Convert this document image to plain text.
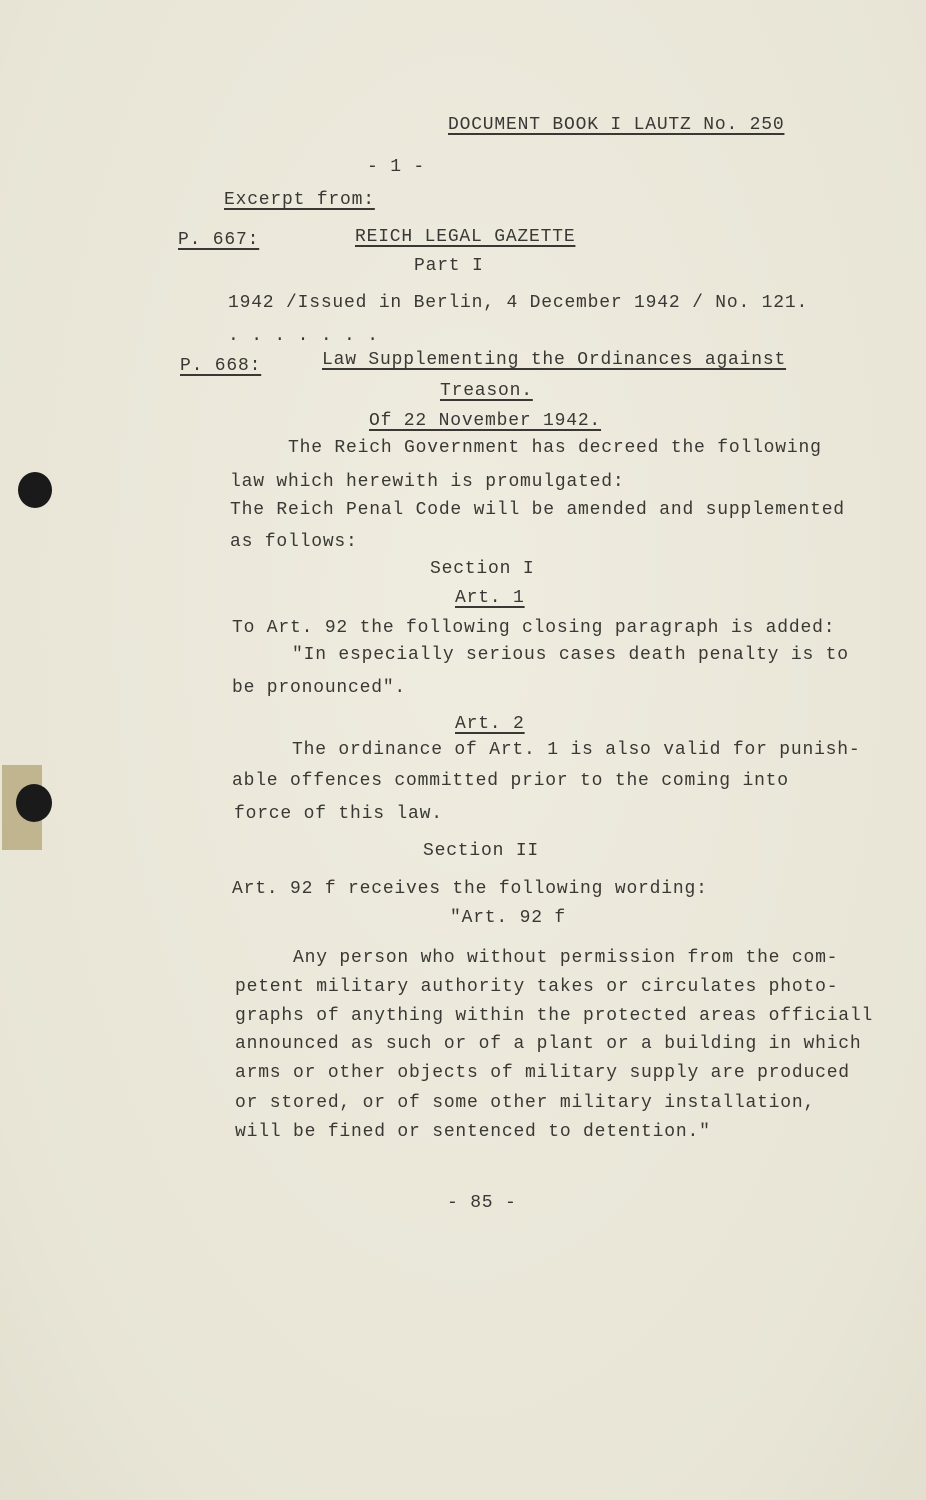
DOCUMENT BOOK I LAUTZ No. 250
- 1 -
Excerpt from:
P. 667:	REICH LEGAL GAZETTE
Part I
1942 /Issued in Berlin, 4 December 1942 / No. 121.
. . . . . . .
P. 668:	Law Supplementing the Ordinances against
Treason.
Of 22 November 1942.
The Reich Government has decreed the following
law which herewith is promulgated:
The Reich Penal Code will be amended and supplemented
as follows:
Section I
Art. 1
To Art. 92 the following closing paragraph is added:
"In especially serious cases death penalty is to
be pronounced".
Art. 2
The ordinance of Art. 1 is also valid for punish-
able offences committed prior to the coming into
force of this law.
Section II
Art. 92 f receives the following wording:
"Art. 92 f
Any person who without permission from the com-
petent military authority takes or circulates photo-
graphs of anything within the protected areas officiall
announced as such or of a plant or a building in which
arms or other objects of military supply are produced
or stored, or of some other military installation,
will be fined or sentenced to detention."
- 85 -
